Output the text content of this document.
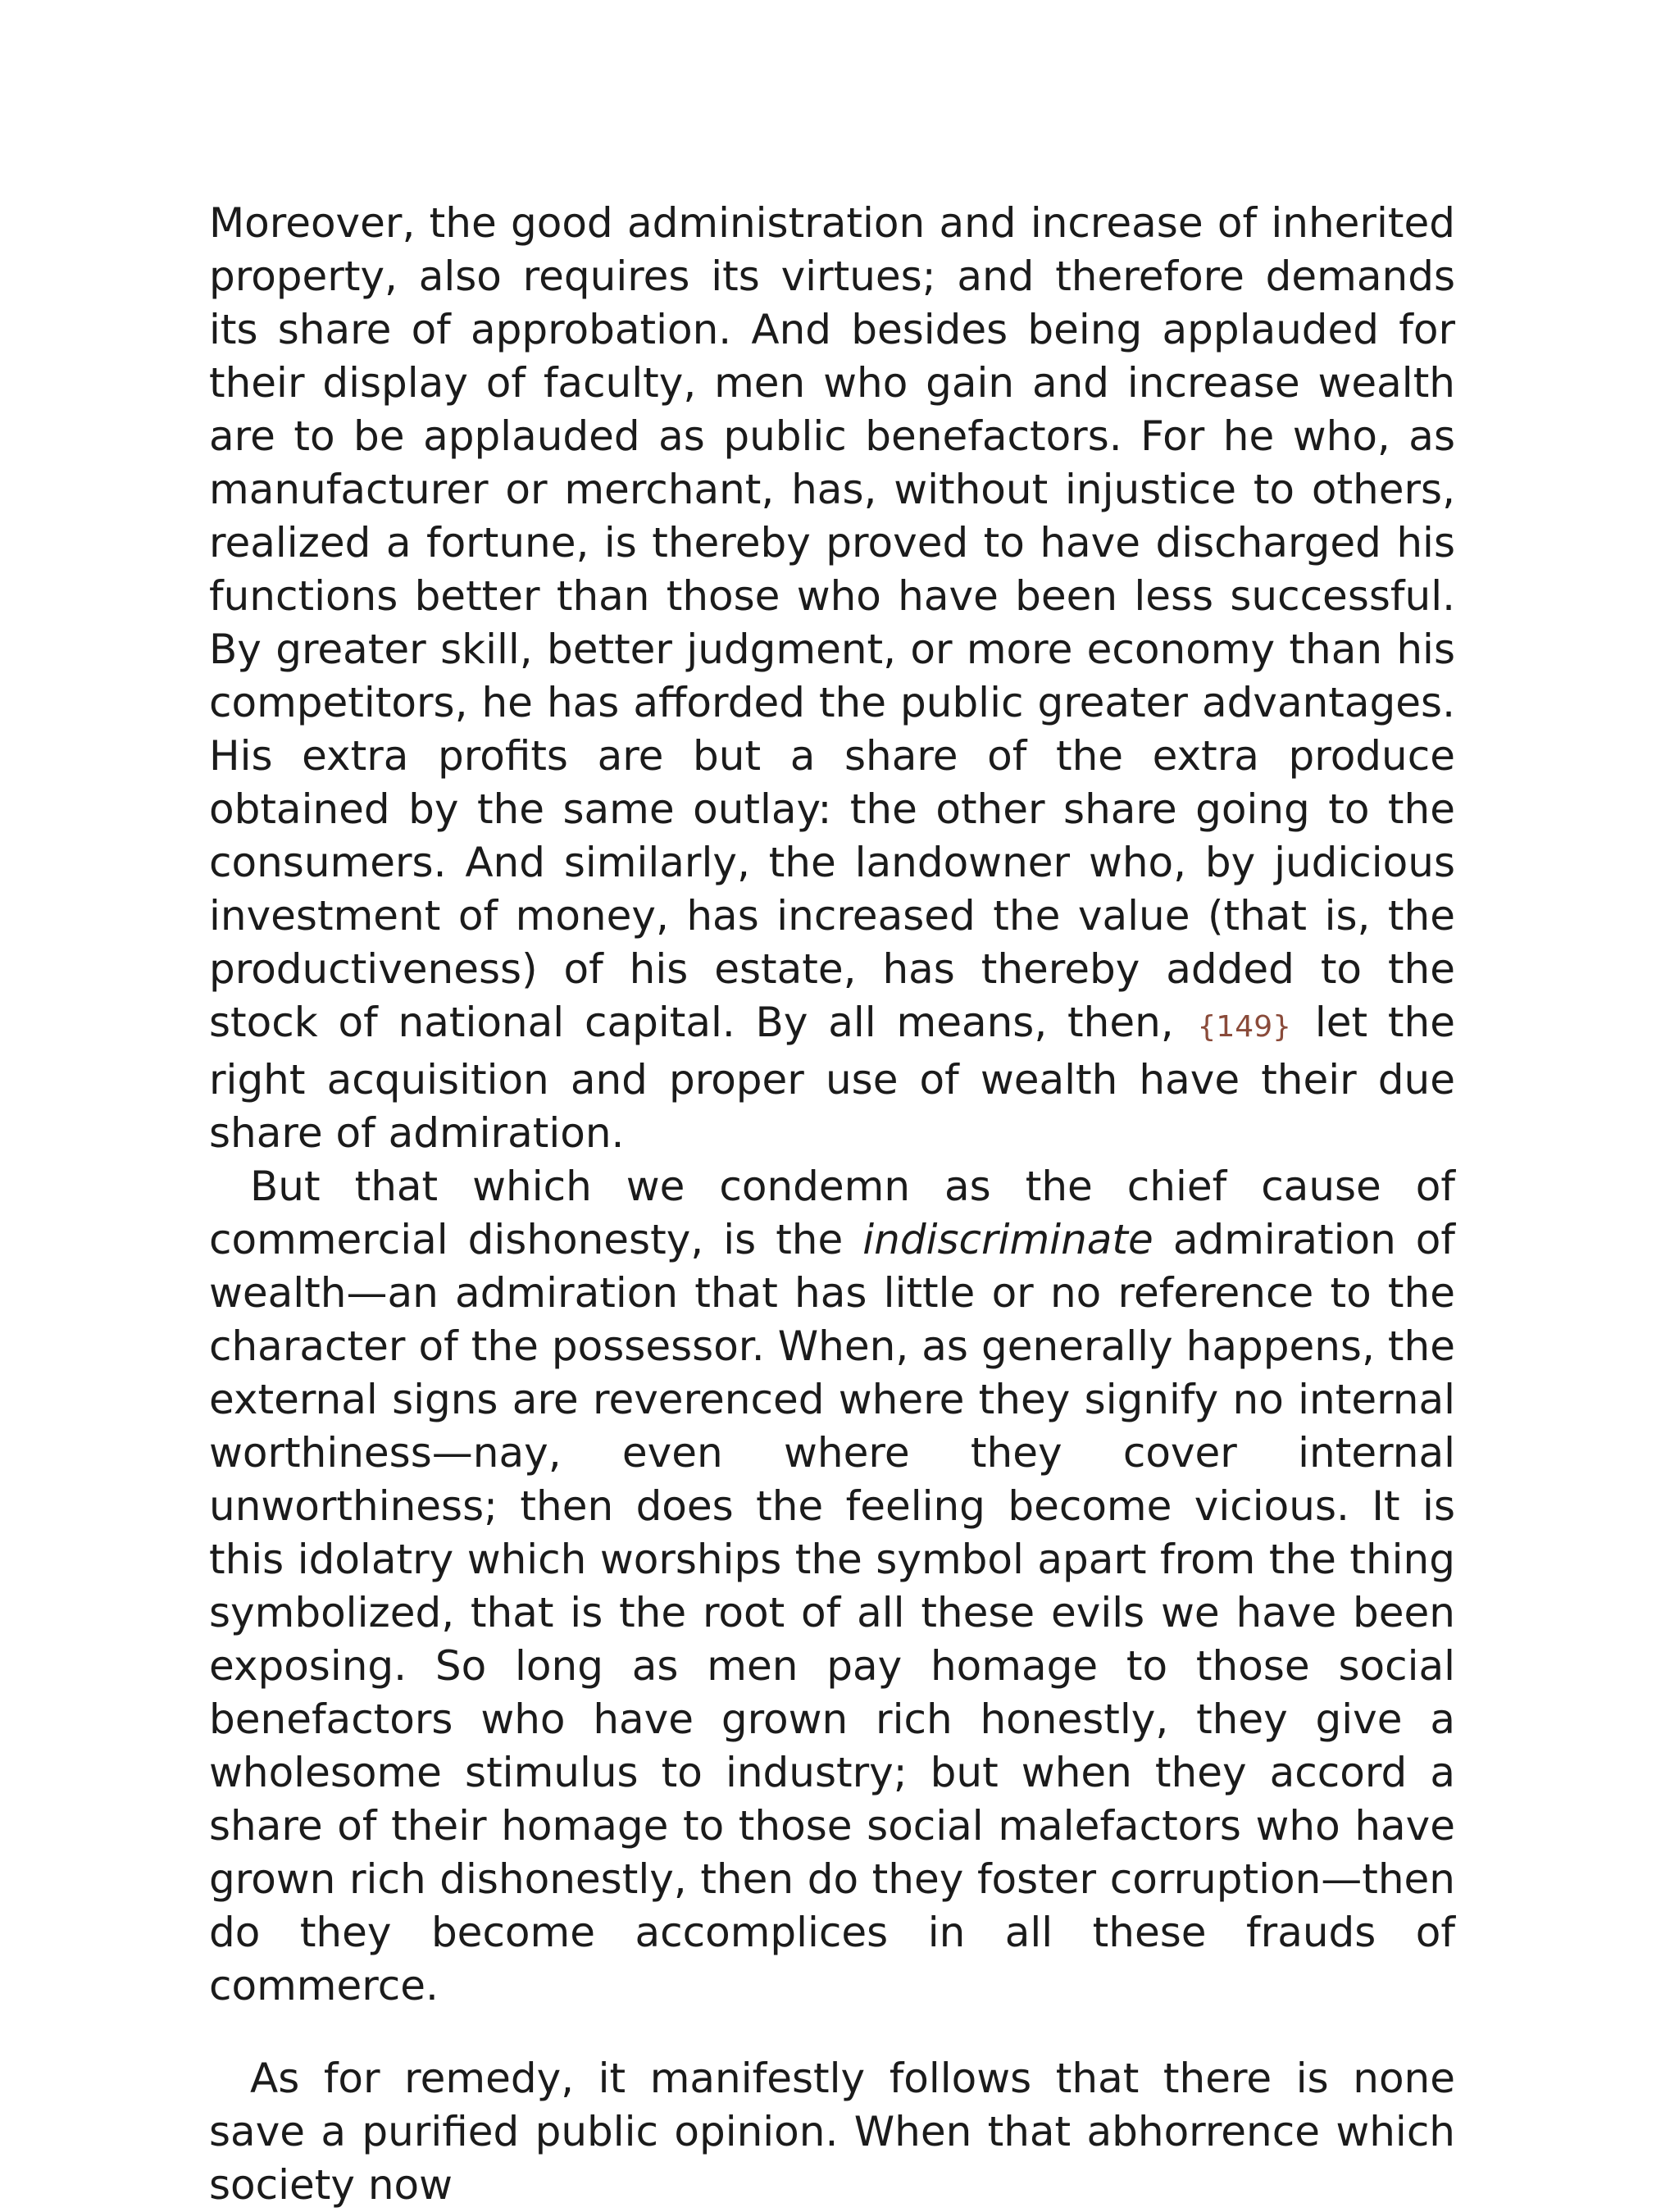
Moreover, the good administration and increase of inherited property, also requires its virtues; and therefore demands its share of approbation. And besides being applauded for their display of faculty, men who gain and increase wealth are to be applauded as public benefactors. For he who, as manufacturer or merchant, has, without injustice to others, realized a fortune, is thereby proved to have discharged his functions better than those who have been less successful. By greater skill, better judgment, or more economy than his competitors, he has afforded the public greater advantages. His extra profits are but a share of the extra produce obtained by the same outlay: the other share going to the consumers. And similarly, the landowner who, by judicious investment of money, has increased the value (that is, the productiveness) of his estate, has thereby added to the stock of national capital. By all means, then, {149} let the right acquisition and proper use of wealth have their due share of admiration.

But that which we condemn as the chief cause of commercial dishonesty, is the indiscriminate admiration of wealth—an admiration that has little or no reference to the character of the possessor. When, as generally happens, the external signs are reverenced where they signify no internal worthiness—nay, even where they cover internal unworthiness; then does the feeling become vicious. It is this idolatry which worships the symbol apart from the thing symbolized, that is the root of all these evils we have been exposing. So long as men pay homage to those social benefactors who have grown rich honestly, they give a wholesome stimulus to industry; but when they accord a share of their homage to those social malefactors who have grown rich dishonestly, then do they foster corruption—then do they become accomplices in all these frauds of commerce.

As for remedy, it manifestly follows that there is none save a purified public opinion. When that abhorrence which society now
